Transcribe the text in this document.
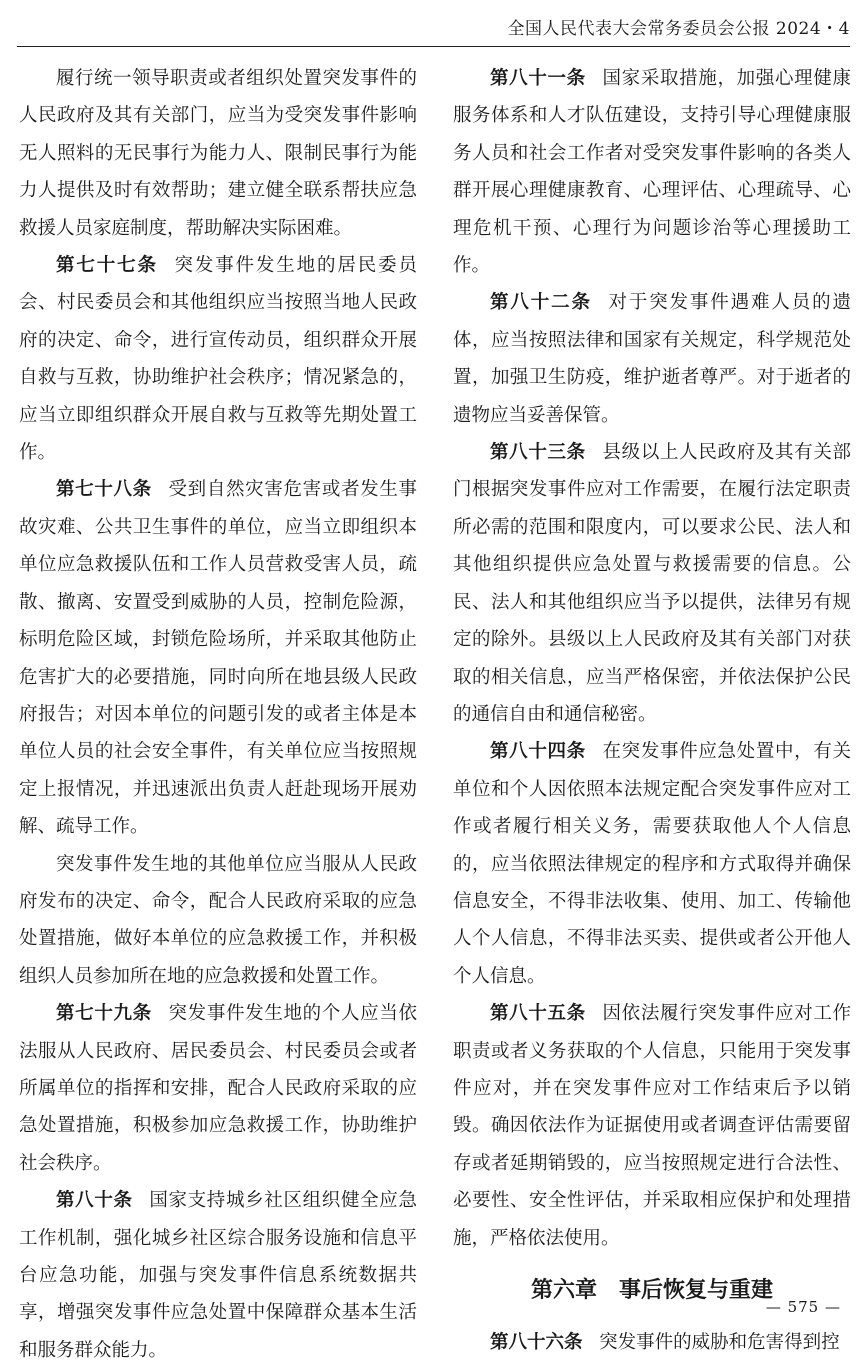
全国人民代表大会常务委员会公报 2024・4

履行统一领导职责或者组织处置突发事件的人民政府及其有关部门，应当为受突发事件影响无人照料的无民事行为能力人、限制民事行为能力人提供及时有效帮助；建立健全联系帮扶应急救援人员家庭制度，帮助解决实际困难。

第七十七条 突发事件发生地的居民委员会、村民委员会和其他组织应当按照当地人民政府的决定、命令，进行宣传动员，组织群众开展自救与互救，协助维护社会秩序；情况紧急的，应当立即组织群众开展自救与互救等先期处置工作。

第七十八条 受到自然灾害危害或者发生事故灾难、公共卫生事件的单位，应当立即组织本单位应急救援队伍和工作人员营救受害人员，疏散、撤离、安置受到威胁的人员，控制危险源，标明危险区域，封锁危险场所，并采取其他防止危害扩大的必要措施，同时向所在地县级人民政府报告；对因本单位的问题引发的或者主体是本单位人员的社会安全事件，有关单位应当按照规定上报情况，并迅速派出负责人赶赴现场开展劝解、疏导工作。

突发事件发生地的其他单位应当服从人民政府发布的决定、命令，配合人民政府采取的应急处置措施，做好本单位的应急救援工作，并积极组织人员参加所在地的应急救援和处置工作。

第七十九条 突发事件发生地的个人应当依法服从人民政府、居民委员会、村民委员会或者所属单位的指挥和安排，配合人民政府采取的应急处置措施，积极参加应急救援工作，协助维护社会秩序。

第八十条 国家支持城乡社区组织健全应急工作机制，强化城乡社区综合服务设施和信息平台应急功能，加强与突发事件信息系统数据共享，增强突发事件应急处置中保障群众基本生活和服务群众能力。

第八十一条 国家采取措施，加强心理健康服务体系和人才队伍建设，支持引导心理健康服务人员和社会工作者对受突发事件影响的各类人群开展心理健康教育、心理评估、心理疏导、心理危机干预、心理行为问题诊治等心理援助工作。

第八十二条 对于突发事件遇难人员的遗体，应当按照法律和国家有关规定，科学规范处置，加强卫生防疫，维护逝者尊严。对于逝者的遗物应当妥善保管。

第八十三条 县级以上人民政府及其有关部门根据突发事件应对工作需要，在履行法定职责所必需的范围和限度内，可以要求公民、法人和其他组织提供应急处置与救援需要的信息。公民、法人和其他组织应当予以提供，法律另有规定的除外。县级以上人民政府及其有关部门对获取的相关信息，应当严格保密，并依法保护公民的通信自由和通信秘密。

第八十四条 在突发事件应急处置中，有关单位和个人因依照本法规定配合突发事件应对工作或者履行相关义务，需要获取他人个人信息的，应当依照法律规定的程序和方式取得并确保信息安全，不得非法收集、使用、加工、传输他人个人信息，不得非法买卖、提供或者公开他人个人信息。

第八十五条 因依法履行突发事件应对工作职责或者义务获取的个人信息，只能用于突发事件应对，并在突发事件应对工作结束后予以销毁。确因依法作为证据使用或者调查评估需要留存或者延期销毁的，应当按照规定进行合法性、必要性、安全性评估，并采取相应保护和处理措施，严格依法使用。

第六章　事后恢复与重建

第八十六条 突发事件的威胁和危害得到控

— 575 —
